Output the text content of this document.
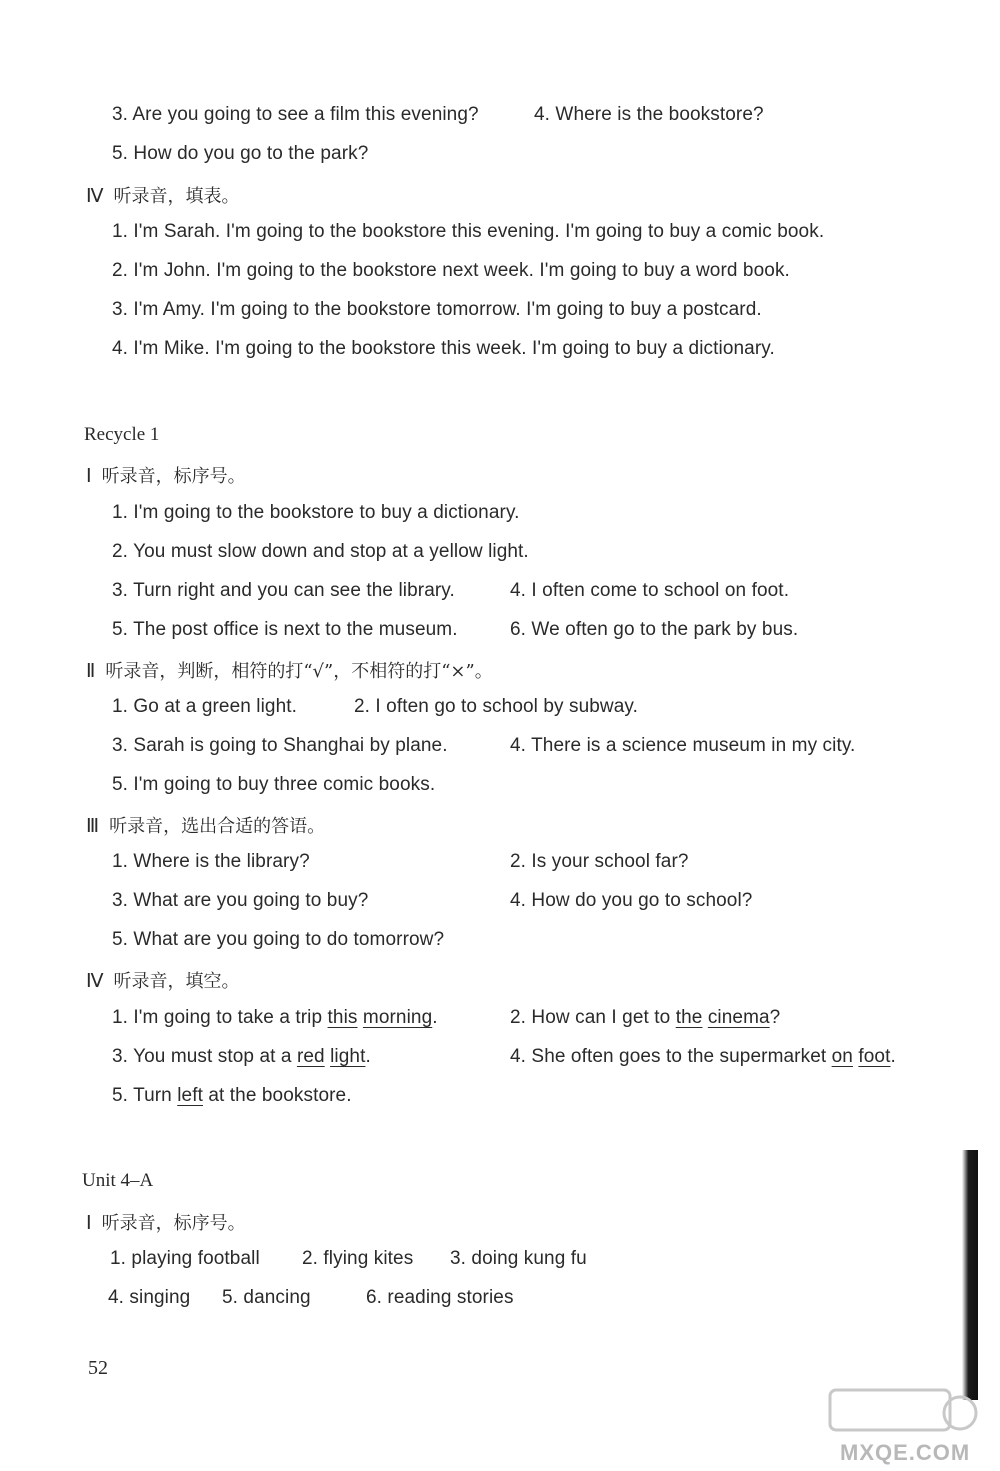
3. Are you going to see a film this evening?	4. Where is the bookstore?
5. How do you go to the park?
Ⅳ 听录音，填表。
1. I'm Sarah. I'm going to the bookstore this evening. I'm going to buy a comic book.
2. I'm John. I'm going to the bookstore next week. I'm going to buy a word book.
3. I'm Amy. I'm going to the bookstore tomorrow. I'm going to buy a postcard.
4. I'm Mike. I'm going to the bookstore this week. I'm going to buy a dictionary.
Recycle 1
Ⅰ 听录音，标序号。
1. I'm going to the bookstore to buy a dictionary.
2. You must slow down and stop at a yellow light.
3. Turn right and you can see the library.	4. I often come to school on foot.
5. The post office is next to the museum.	6. We often go to the park by bus.
Ⅱ 听录音，判断，相符的打“√”，不相符的打“×”。
1. Go at a green light.	2. I often go to school by subway.
3. Sarah is going to Shanghai by plane.	4. There is a science museum in my city.
5. I'm going to buy three comic books.
Ⅲ 听录音，选出合适的答语。
1. Where is the library?	2. Is your school far?
3. What are you going to buy?	4. How do you go to school?
5. What are you going to do tomorrow?
Ⅳ 听录音，填空。
1. I'm going to take a trip this morning.	2. How can I get to the cinema?
3. You must stop at a red light.	4. She often goes to the supermarket on foot.
5. Turn left at the bookstore.
Unit 4–A
Ⅰ 听录音，标序号。
1. playing football 2. flying kites 3. doing kung fu
4. singing 5. dancing	6. reading stories
52
MXQE.COM
